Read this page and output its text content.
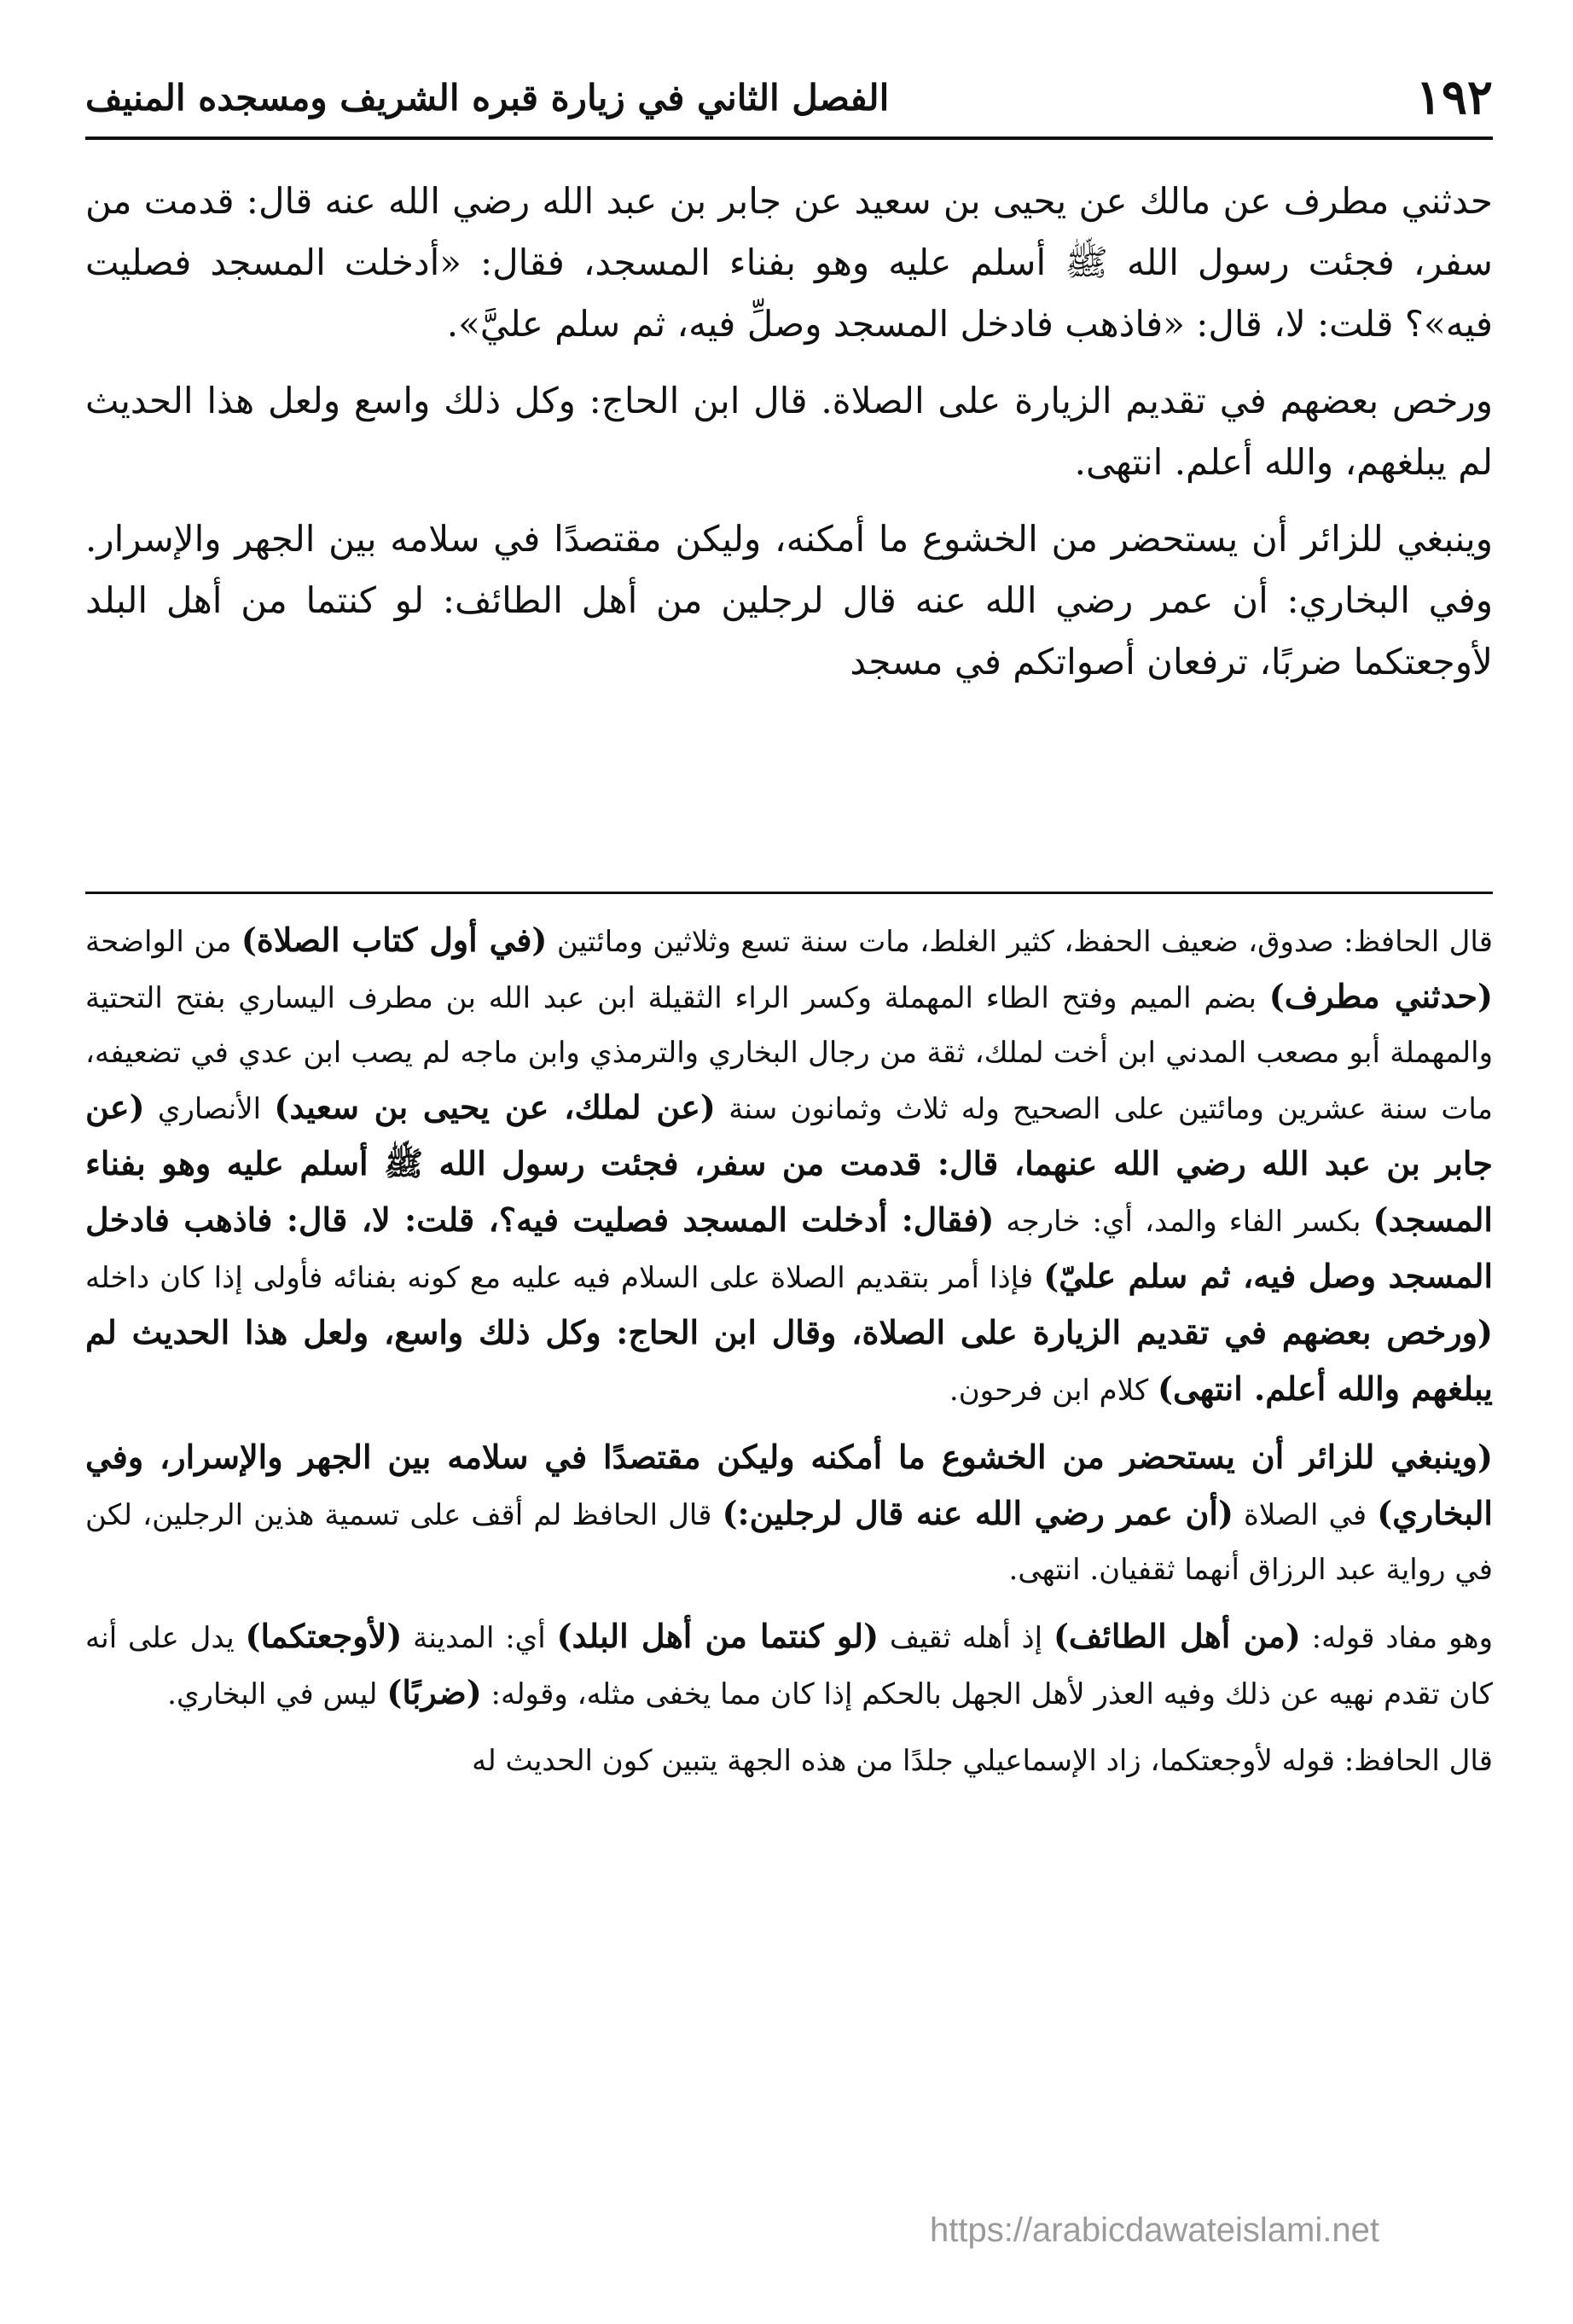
١٩٢
الفصل الثاني في زيارة قبره الشريف ومسجده المنيف

حدثني مطرف عن مالك عن يحيى بن سعيد عن جابر بن عبد الله رضي الله عنه قال: قدمت من سفر، فجئت رسول الله ﷺ أسلم عليه وهو بفناء المسجد، فقال: «أدخلت المسجد فصليت فيه»؟ قلت: لا، قال: «فاذهب فادخل المسجد وصلِّ فيه، ثم سلم عليَّ».

ورخص بعضهم في تقديم الزيارة على الصلاة. قال ابن الحاج: وكل ذلك واسع ولعل هذا الحديث لم يبلغهم، والله أعلم. انتهى.

وينبغي للزائر أن يستحضر من الخشوع ما أمكنه، وليكن مقتصدًا في سلامه بين الجهر والإسرار. وفي البخاري: أن عمر رضي الله عنه قال لرجلين من أهل الطائف: لو كنتما من أهل البلد لأوجعتكما ضربًا، ترفعان أصواتكم في مسجد

قال الحافظ: صدوق، ضعيف الحفظ، كثير الغلط، مات سنة تسع وثلاثين ومائتين (في أول كتاب الصلاة) من الواضحة (حدثني مطرف) بضم الميم وفتح الطاء المهملة وكسر الراء الثقيلة ابن عبد الله بن مطرف اليساري بفتح التحتية والمهملة أبو مصعب المدني ابن أخت لملك، ثقة من رجال البخاري والترمذي وابن ماجه لم يصب ابن عدي في تضعيفه، مات سنة عشرين ومائتين على الصحيح وله ثلاث وثمانون سنة (عن لملك، عن يحيى بن سعيد) الأنصاري (عن جابر بن عبد الله رضي الله عنهما، قال: قدمت من سفر، فجئت رسول الله ﷺ أسلم عليه وهو بفناء المسجد) بكسر الفاء والمد، أي: خارجه (فقال: أدخلت المسجد فصليت فيه؟، قلت: لا، قال: فاذهب فادخل المسجد وصل فيه، ثم سلم عليّ) فإذا أمر بتقديم الصلاة على السلام فيه عليه مع كونه بفنائه فأولى إذا كان داخله (ورخص بعضهم في تقديم الزيارة على الصلاة، وقال ابن الحاج: وكل ذلك واسع، ولعل هذا الحديث لم يبلغهم والله أعلم. انتهى) كلام ابن فرحون.

(وينبغي للزائر أن يستحضر من الخشوع ما أمكنه وليكن مقتصدًا في سلامه بين الجهر والإسرار، وفي البخاري) في الصلاة (أن عمر رضي الله عنه قال لرجلين:) قال الحافظ لم أقف على تسمية هذين الرجلين، لكن في رواية عبد الرزاق أنهما ثقفيان. انتهى.

وهو مفاد قوله: (من أهل الطائف) إذ أهله ثقيف (لو كنتما من أهل البلد) أي: المدينة (لأوجعتكما) يدل على أنه كان تقدم نهيه عن ذلك وفيه العذر لأهل الجهل بالحكم إذا كان مما يخفى مثله، وقوله: (ضربًا) ليس في البخاري.

قال الحافظ: قوله لأوجعتكما، زاد الإسماعيلي جلدًا من هذه الجهة يتبين كون الحديث له

https://arabicdawateislami.net
